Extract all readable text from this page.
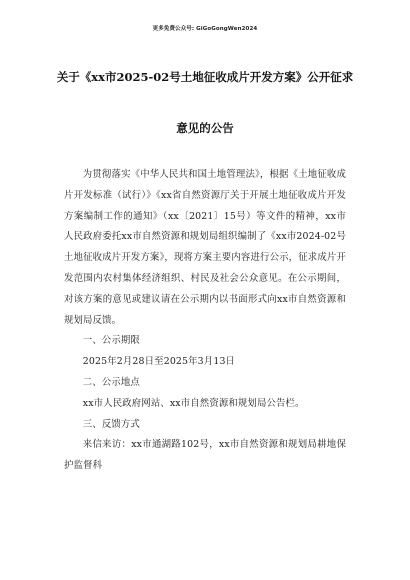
更多免费公众号: GiGoGongWen2024
关于《xx市2025-02号土地征收成片开发方案》公开征求
意见的公告

为贯彻落实《中华人民共和国土地管理法》，根据《土地征收成片开发标准（试行）》《xx省自然资源厅关于开展土地征收成片开发方案编制工作的通知》（xx〔2021〕15号）等文件的精神，xx市人民政府委托xx市自然资源和规划局组织编制了《xx市2024-02号土地征收成片开发方案》，现将方案主要内容进行公示，征求成片开发范围内农村集体经济组织、村民及社会公众意见。在公示期间，对该方案的意见或建议请在公示期内以书面形式向xx市自然资源和规划局反馈。

一、公示期限

2025年2月28日至2025年3月13日

二、公示地点

xx市人民政府网站、xx市自然资源和规划局公告栏。

三、反馈方式

来信来访：xx市通湖路102号，xx市自然资源和规划局耕地保护监督科
